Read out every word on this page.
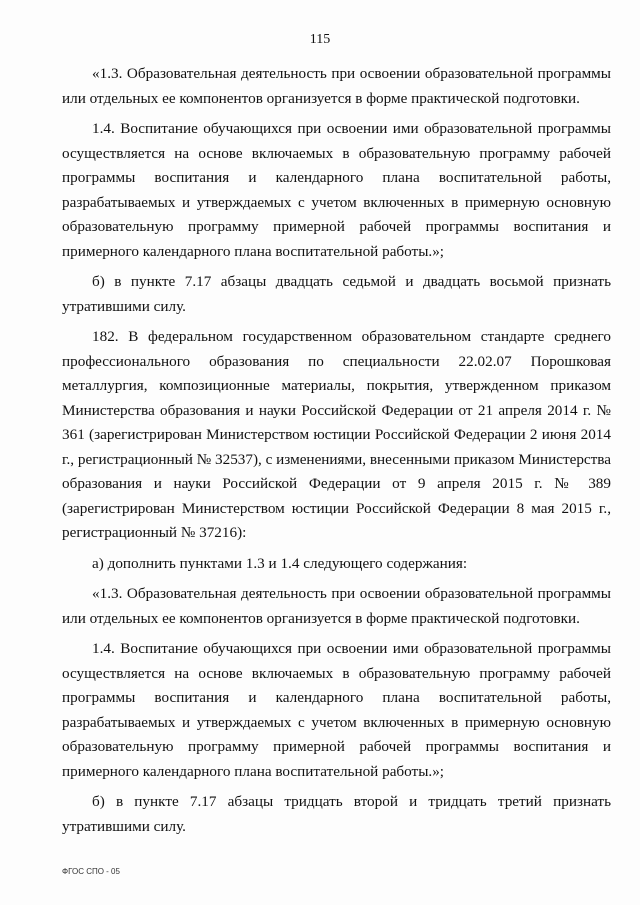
115

«1.3. Образовательная деятельность при освоении образовательной программы или отдельных ее компонентов организуется в форме практической подготовки.

1.4. Воспитание обучающихся при освоении ими образовательной программы осуществляется на основе включаемых в образовательную программу рабочей программы воспитания и календарного плана воспитательной работы, разрабатываемых и утверждаемых с учетом включенных в примерную основную образовательную программу примерной рабочей программы воспитания и примерного календарного плана воспитательной работы.»;

б) в пункте 7.17 абзацы двадцать седьмой и двадцать восьмой признать утратившими силу.

182. В федеральном государственном образовательном стандарте среднего профессионального образования по специальности 22.02.07 Порошковая металлургия, композиционные материалы, покрытия, утвержденном приказом Министерства образования и науки Российской Федерации от 21 апреля 2014 г. № 361 (зарегистрирован Министерством юстиции Российской Федерации 2 июня 2014 г., регистрационный № 32537), с изменениями, внесенными приказом Министерства образования и науки Российской Федерации от 9 апреля 2015 г. № 389 (зарегистрирован Министерством юстиции Российской Федерации 8 мая 2015 г., регистрационный № 37216):

а) дополнить пунктами 1.3 и 1.4 следующего содержания:

«1.3. Образовательная деятельность при освоении образовательной программы или отдельных ее компонентов организуется в форме практической подготовки.

1.4. Воспитание обучающихся при освоении ими образовательной программы осуществляется на основе включаемых в образовательную программу рабочей программы воспитания и календарного плана воспитательной работы, разрабатываемых и утверждаемых с учетом включенных в примерную основную образовательную программу примерной рабочей программы воспитания и примерного календарного плана воспитательной работы.»;

б) в пункте 7.17 абзацы тридцать второй и тридцать третий признать утратившими силу.

ФГОС СПО - 05
